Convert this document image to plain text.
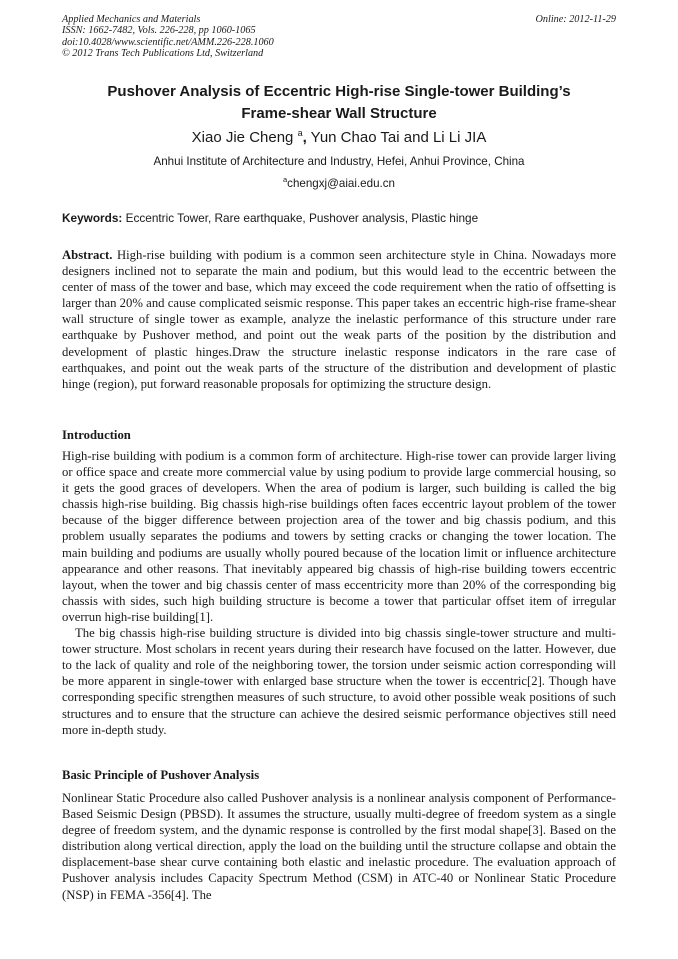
Applied Mechanics and Materials
ISSN: 1662-7482, Vols. 226-228, pp 1060-1065
doi:10.4028/www.scientific.net/AMM.226-228.1060
© 2012 Trans Tech Publications Ltd, Switzerland
Online: 2012-11-29
Pushover Analysis of Eccentric High-rise Single-tower Building’s
Frame-shear Wall Structure
Xiao Jie Cheng $^a$, Yun Chao Tai and Li Li JIA
Anhui Institute of Architecture and Industry, Hefei, Anhui Province, China
$^a$chengxj@aiai.edu.cn
Keywords: Eccentric Tower, Rare earthquake, Pushover analysis, Plastic hinge
Abstract. High-rise building with podium is a common seen architecture style in China. Nowadays more designers inclined not to separate the main and podium, but this would lead to the eccentric between the center of mass of the tower and base, which may exceed the code requirement when the ratio of offsetting is larger than 20% and cause complicated seismic response. This paper takes an eccentric high-rise frame-shear wall structure of single tower as example, analyze the inelastic performance of this structure under rare earthquake by Pushover method, and point out the weak parts of the position by the distribution and development of plastic hinges.Draw the structure inelastic response indicators in the rare case of earthquakes, and point out the weak parts of the structure of the distribution and development of plastic hinge (region), put forward reasonable proposals for optimizing the structure design.
Introduction
High-rise building with podium is a common form of architecture. High-rise tower can provide larger living or office space and create more commercial value by using podium to provide large commercial housing, so it gets the good graces of developers. When the area of podium is larger, such building is called the big chassis high-rise building. Big chassis high-rise buildings often faces eccentric layout problem of the tower because of the bigger difference between projection area of the tower and big chassis podium, and this problem usually separates the podiums and towers by setting cracks or changing the tower location. The main building and podiums are usually wholly poured because of the location limit or influence architecture appearance and other reasons. That inevitably appeared big chassis of high-rise building towers eccentric layout, when the tower and big chassis center of mass eccentricity more than 20% of the corresponding big chassis with sides, such high building structure is become a tower that particular offset item of irregular overrun high-rise building[1].
The big chassis high-rise building structure is divided into big chassis single-tower structure and multi-tower structure. Most scholars in recent years during their research have focused on the latter. However, due to the lack of quality and role of the neighboring tower, the torsion under seismic action corresponding will be more apparent in single-tower with enlarged base structure when the tower is eccentric[2]. Though have corresponding specific strengthen measures of such structure, to avoid other possible weak positions of such structures and to ensure that the structure can achieve the desired seismic performance objectives still need more in-depth study.
Basic Principle of Pushover Analysis
Nonlinear Static Procedure also called Pushover analysis is a nonlinear analysis component of Performance-Based Seismic Design (PBSD). It assumes the structure, usually multi-degree of freedom system as a single degree of freedom system, and the dynamic response is controlled by the first modal shape[3]. Based on the distribution along vertical direction, apply the load on the building until the structure collapse and obtain the displacement-base shear curve containing both elastic and inelastic procedure. The evaluation approach of Pushover analysis includes Capacity Spectrum Method (CSM) in ATC-40 or Nonlinear Static Procedure (NSP) in FEMA -356[4]. The
